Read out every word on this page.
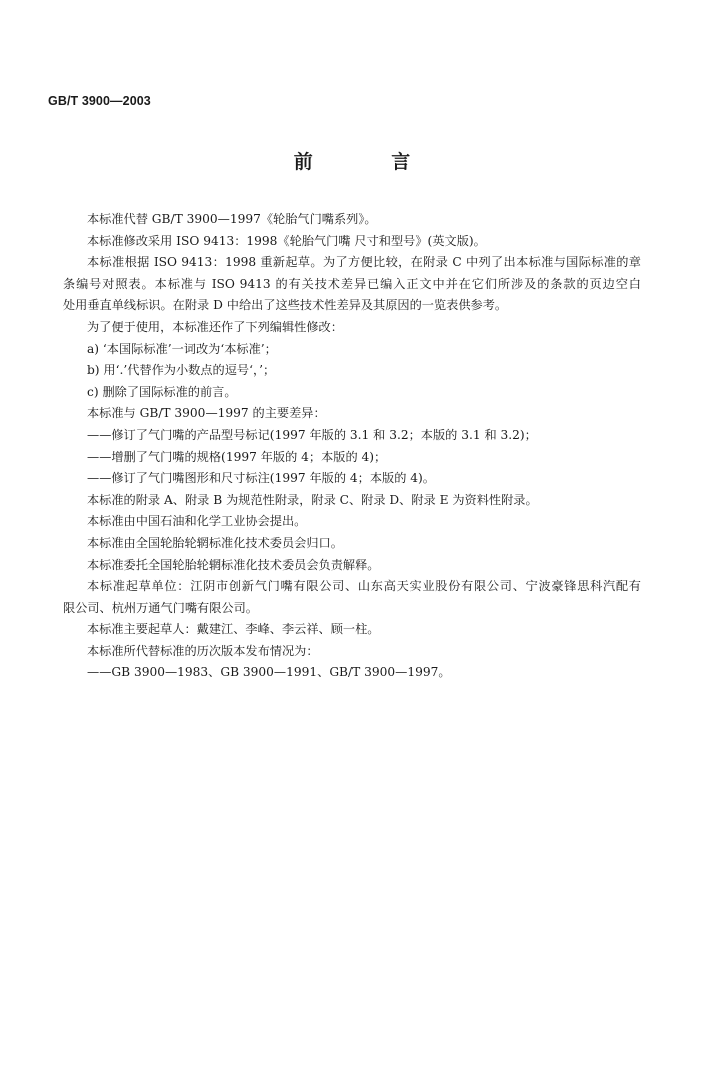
GB/T 3900—2003
前 言
本标准代替 GB/T 3900—1997《轮胎气门嘴系列》。
本标准修改采用 ISO 9413：1998《轮胎气门嘴 尺寸和型号》(英文版)。
本标准根据 ISO 9413：1998 重新起草。为了方便比较，在附录 C 中列了出本标准与国际标准的章
条编号对照表。本标准与 ISO 9413 的有关技术差异已编入正文中并在它们所涉及的条款的页边空白
处用垂直单线标识。在附录 D 中给出了这些技术性差异及其原因的一览表供参考。
为了便于使用，本标准还作了下列编辑性修改：
a) ‘本国际标准’一词改为‘本标准’；
b) 用‘.’代替作为小数点的逗号‘，’；
c) 删除了国际标准的前言。
本标准与 GB/T 3900—1997 的主要差异：
——修订了气门嘴的产品型号标记(1997 年版的 3.1 和 3.2；本版的 3.1 和 3.2)；
——增删了气门嘴的规格(1997 年版的 4；本版的 4)；
——修订了气门嘴图形和尺寸标注(1997 年版的 4；本版的 4)。
本标准的附录 A、附录 B 为规范性附录，附录 C、附录 D、附录 E 为资料性附录。
本标准由中国石油和化学工业协会提出。
本标准由全国轮胎轮辋标准化技术委员会归口。
本标准委托全国轮胎轮辋标准化技术委员会负责解释。
本标准起草单位：江阴市创新气门嘴有限公司、山东高天实业股份有限公司、宁波豪锋思科汽配有
限公司、杭州万通气门嘴有限公司。
本标准主要起草人：戴建江、李峰、李云祥、顾一柱。
本标准所代替标准的历次版本发布情况为：
——GB 3900—1983、GB 3900—1991、GB/T 3900—1997。
